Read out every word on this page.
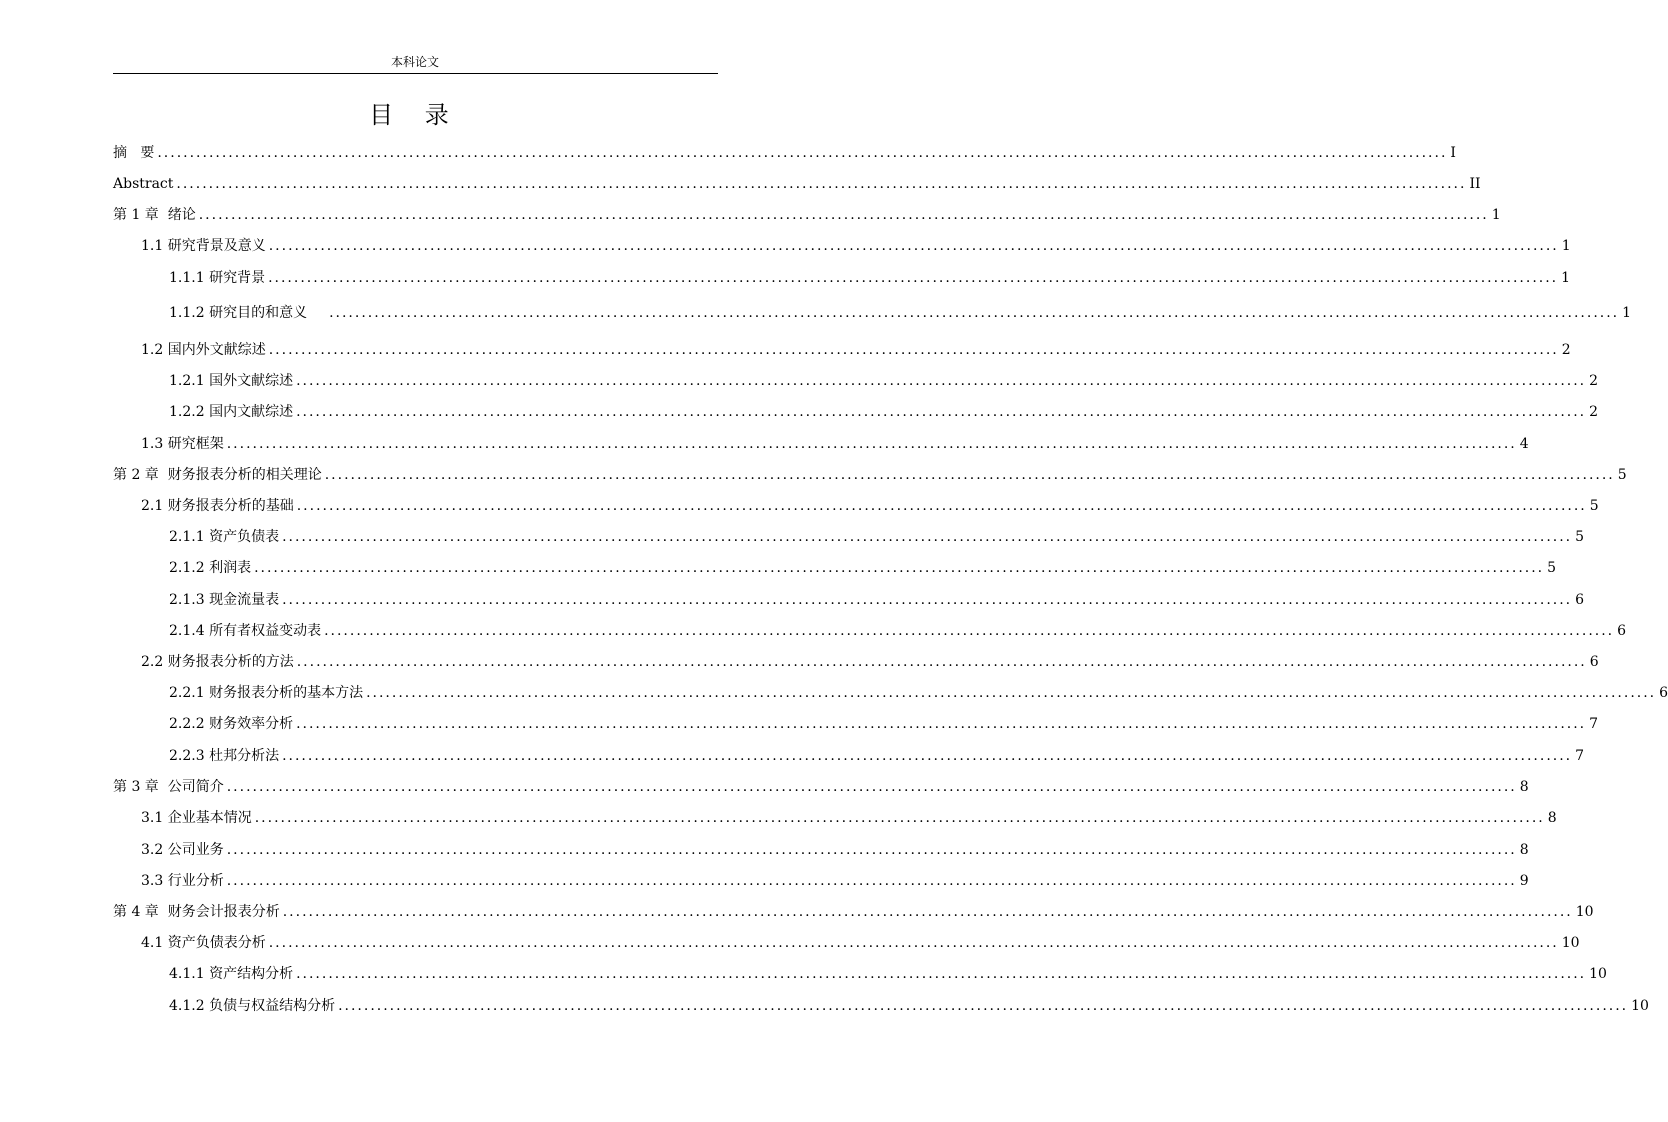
本科论文
目 录
摘   要 ........................................................................................................................................................................................................ I
Abstract ........................................................................................................................................................................................................ II
第 1 章  绪论 ........................................................................................................................................................................................................ 1
1.1 研究背景及意义 ........................................................................................................................................................................................................ 1
1.1.1 研究背景 ........................................................................................................................................................................................................ 1
1.1.2 研究目的和意义 ........................................................................................................................................................................................................ 1
1.2 国内外文献综述 ........................................................................................................................................................................................................ 2
1.2.1 国外文献综述 ........................................................................................................................................................................................................ 2
1.2.2 国内文献综述 ........................................................................................................................................................................................................ 2
1.3 研究框架 ........................................................................................................................................................................................................ 4
第 2 章  财务报表分析的相关理论 ........................................................................................................................................................................................................ 5
2.1 财务报表分析的基础 ........................................................................................................................................................................................................ 5
2.1.1 资产负债表 ........................................................................................................................................................................................................ 5
2.1.2 利润表 ........................................................................................................................................................................................................ 5
2.1.3 现金流量表 ........................................................................................................................................................................................................ 6
2.1.4 所有者权益变动表 ........................................................................................................................................................................................................ 6
2.2 财务报表分析的方法 ........................................................................................................................................................................................................ 6
2.2.1 财务报表分析的基本方法 ........................................................................................................................................................................................................ 6
2.2.2 财务效率分析 ........................................................................................................................................................................................................ 7
2.2.3 杜邦分析法 ........................................................................................................................................................................................................ 7
第 3 章  公司简介 ........................................................................................................................................................................................................ 8
3.1 企业基本情况 ........................................................................................................................................................................................................ 8
3.2 公司业务 ........................................................................................................................................................................................................ 8
3.3 行业分析 ........................................................................................................................................................................................................ 9
第 4 章  财务会计报表分析 ........................................................................................................................................................................................................ 10
4.1 资产负债表分析 ........................................................................................................................................................................................................ 10
4.1.1 资产结构分析 ........................................................................................................................................................................................................ 10
4.1.2 负债与权益结构分析 ........................................................................................................................................................................................................ 10
